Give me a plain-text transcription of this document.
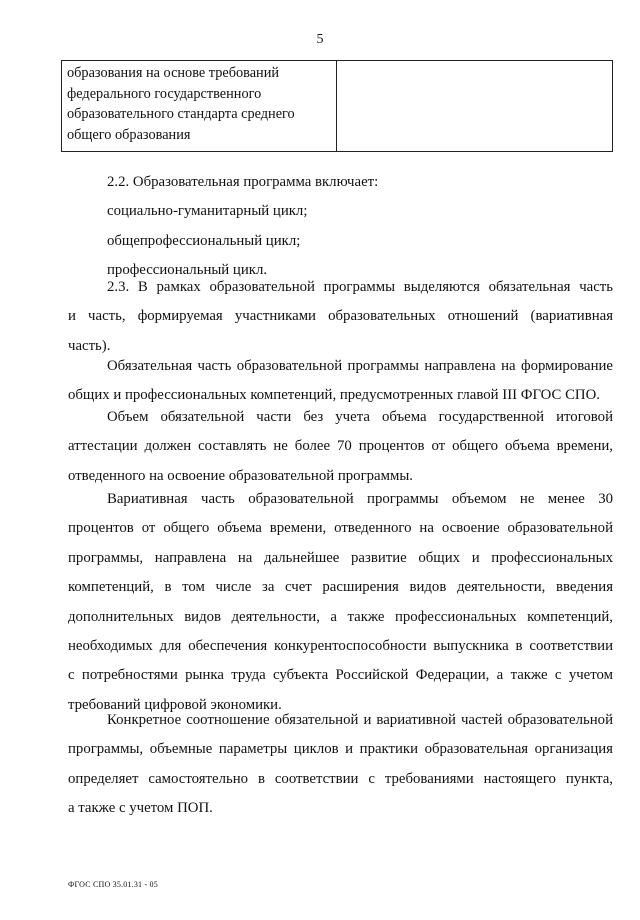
5
образования на основе требований
федерального государственного
образовательного стандарта среднего
общего образования

2.2. Образовательная программа включает:

социально-гуманитарный цикл;

общепрофессиональный цикл;

профессиональный цикл.

2.3. В рамках образовательной программы выделяются обязательная часть
и часть, формируемая участниками образовательных отношений (вариативная
часть).

Обязательная часть образовательной программы направлена на формирование
общих и профессиональных компетенций, предусмотренных главой III ФГОС СПО.

Объем обязательной части без учета объема государственной итоговой
аттестации должен составлять не более 70 процентов от общего объема времени,
отведенного на освоение образовательной программы.

Вариативная часть образовательной программы объемом не менее 30
процентов от общего объема времени, отведенного на освоение образовательной
программы, направлена на дальнейшее развитие общих и профессиональных
компетенций, в том числе за счет расширения видов деятельности, введения
дополнительных видов деятельности, а также профессиональных компетенций,
необходимых для обеспечения конкурентоспособности выпускника в соответствии
с потребностями рынка труда субъекта Российской Федерации, а также с учетом
требований цифровой экономики.

Конкретное соотношение обязательной и вариативной частей образовательной
программы, объемные параметры циклов и практики образовательная организация
определяет самостоятельно в соответствии с требованиями настоящего пункта,
а также с учетом ПОП.

ФГОС СПО 35.01.31 - 05
